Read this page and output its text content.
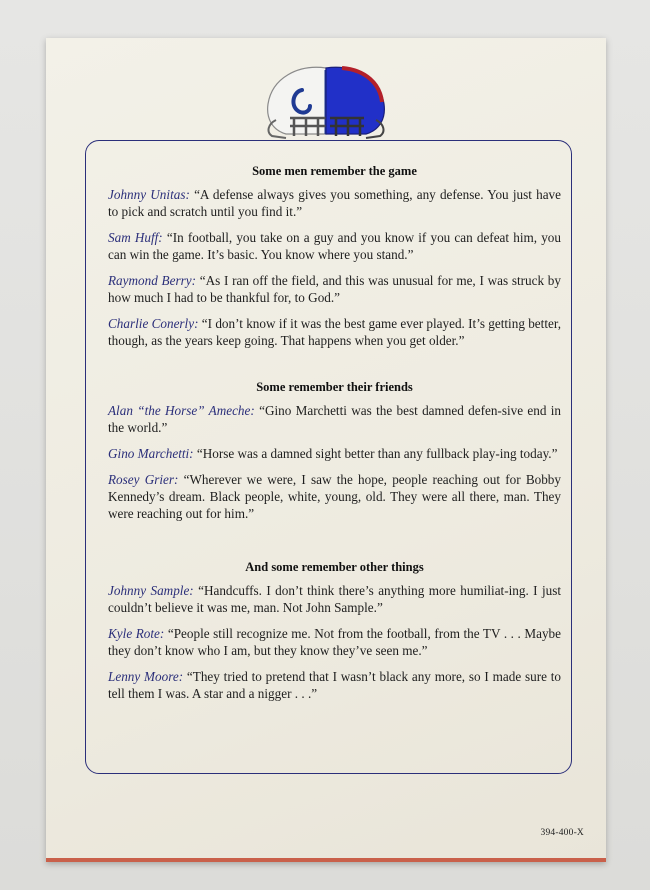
Some men remember the game

Johnny Unitas: “A defense always gives you something, any defense. You just have to pick and scratch until you find it.”

Sam Huff: “In football, you take on a guy and you know if you can defeat him, you can win the game. It’s basic. You know where you stand.”

Raymond Berry: “As I ran off the field, and this was unusual for me, I was struck by how much I had to be thankful for, to God.”

Charlie Conerly: “I don’t know if it was the best game ever played. It’s getting better, though, as the years keep going. That happens when you get older.”

Some remember their friends

Alan “the Horse” Ameche: “Gino Marchetti was the best damned defen-sive end in the world.”

Gino Marchetti: “Horse was a damned sight better than any fullback play-ing today.”

Rosey Grier: “Wherever we were, I saw the hope, people reaching out for Bobby Kennedy’s dream. Black people, white, young, old. They were all there, man. They were reaching out for him.”

And some remember other things

Johnny Sample: “Handcuffs. I don’t think there’s anything more humiliat-ing. I just couldn’t believe it was me, man. Not John Sample.”

Kyle Rote: “People still recognize me. Not from the football, from the TV . . . Maybe they don’t know who I am, but they know they’ve seen me.”

Lenny Moore: “They tried to pretend that I wasn’t black any more, so I made sure to tell them I was. A star and a nigger . . .”

394-40⁠0⁠⁠-X
